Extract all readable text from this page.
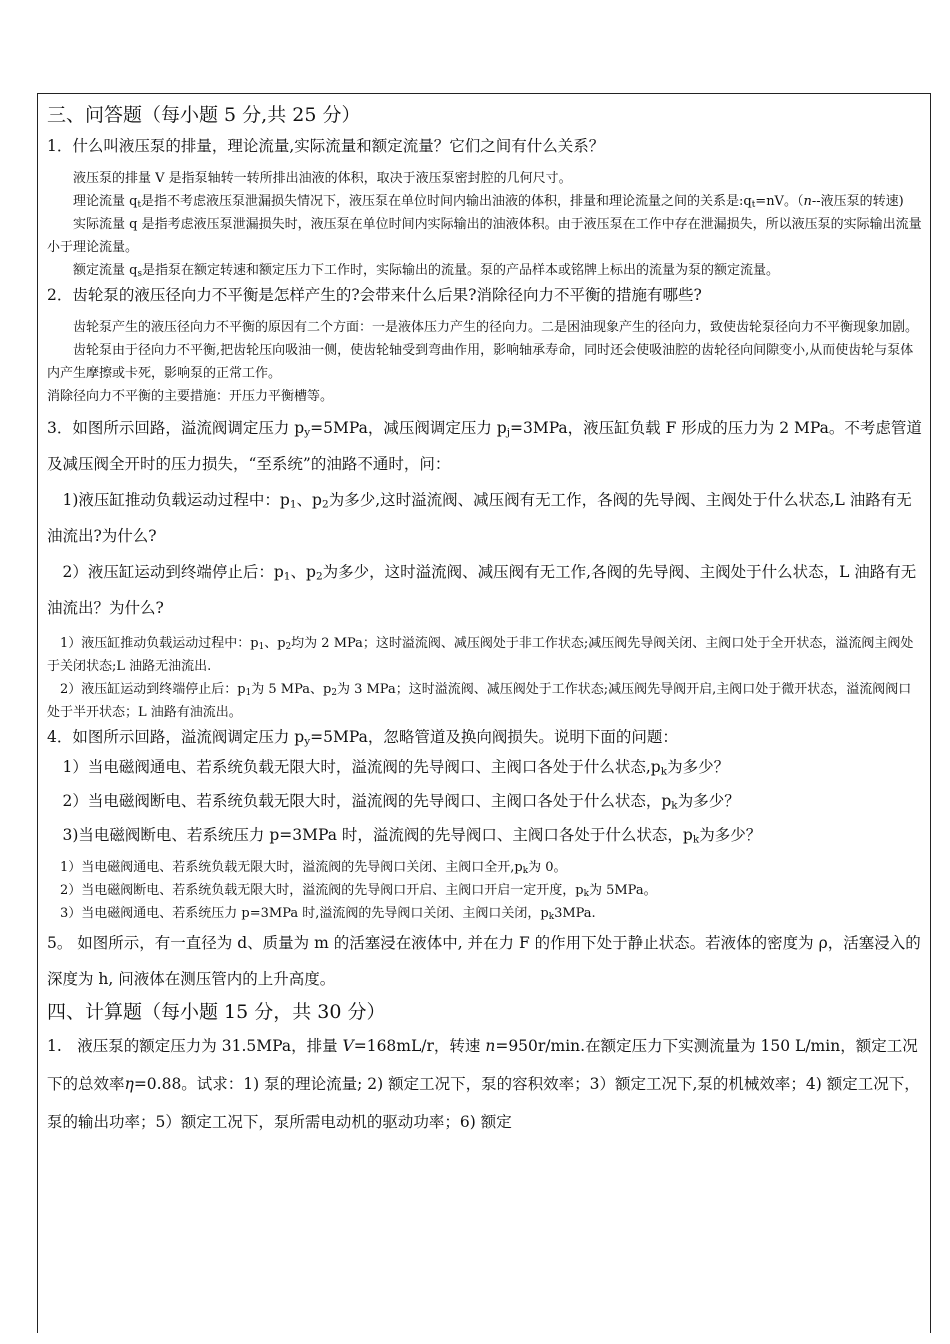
三、问答题（每小题 5 分,共 25 分）

1．什么叫液压泵的排量，理论流量,实际流量和额定流量？它们之间有什么关系？

液压泵的排量 V 是指泵轴转一转所排出油液的体积，取决于液压泵密封腔的几何尺寸。

理论流量 $q_t$是指不考虑液压泵泄漏损失情况下，液压泵在单位时间内输出油液的体积，排量和理论流量之间的关系是$:q_t=nV$。（n--液压泵的转速)

实际流量 q 是指考虑液压泵泄漏损失时，液压泵在单位时间内实际输出的油液体积。由于液压泵在工作中存在泄漏损失，所以液压泵的实际输出流量小于理论流量。

额定流量 $q_s$是指泵在额定转速和额定压力下工作时，实际输出的流量。泵的产品样本或铭牌上标出的流量为泵的额定流量。

2．齿轮泵的液压径向力不平衡是怎样产生的?会带来什么后果?消除径向力不平衡的措施有哪些?

齿轮泵产生的液压径向力不平衡的原因有二个方面：一是液体压力产生的径向力。二是困油现象产生的径向力，致使齿轮泵径向力不平衡现象加剧。

齿轮泵由于径向力不平衡,把齿轮压向吸油一侧，使齿轮轴受到弯曲作用，影响轴承寿命，同时还会使吸油腔的齿轮径向间隙变小,从而使齿轮与泵体内产生摩擦或卡死，影响泵的正常工作。

消除径向力不平衡的主要措施：开压力平衡槽等。

3．如图所示回路，溢流阀调定压力 $p_y=5MPa$，减压阀调定压力 $p_j=3MPa$，液压缸负载 F 形成的压力为 2 MPa。不考虑管道及减压阀全开时的压力损失，“至系统”的油路不通时，问：

1)液压缸推动负载运动过程中：$p_1$、$p_2$为多少,这时溢流阀、减压阀有无工作，各阀的先导阀、主阀处于什么状态,L 油路有无油流出?为什么?

2）液压缸运动到终端停止后：$p_1$、$p_2$为多少，这时溢流阀、减压阀有无工作,各阀的先导阀、主阀处于什么状态，L 油路有无油流出？为什么?

1）液压缸推动负载运动过程中：$p_1$、$p_2$均为 2 MPa；这时溢流阀、减压阀处于非工作状态;减压阀先导阀关闭、主阀口处于全开状态，溢流阀主阀处于关闭状态;L 油路无油流出.

2）液压缸运动到终端停止后：$p_1$为 5 MPa、$p_2$为 3 MPa；这时溢流阀、减压阀处于工作状态;减压阀先导阀开启,主阀口处于微开状态，溢流阀阀口处于半开状态；L 油路有油流出。

4．如图所示回路，溢流阀调定压力 $p_y=5MPa$，忽略管道及换向阀损失。说明下面的问题：

1）当电磁阀通电、若系统负载无限大时，溢流阀的先导阀口、主阀口各处于什么状态$,p_k$为多少？

2）当电磁阀断电、若系统负载无限大时，溢流阀的先导阀口、主阀口各处于什么状态，$p_k$为多少？

3)当电磁阀断电、若系统压力 p=3MPa 时，溢流阀的先导阀口、主阀口各处于什么状态，$p_k$为多少？

1）当电磁阀通电、若系统负载无限大时，溢流阀的先导阀口关闭、主阀口全开$,p_k$为 0。

2）当电磁阀断电、若系统负载无限大时，溢流阀的先导阀口开启、主阀口开启一定开度，$p_k$为 5MPa。

3）当电磁阀通电、若系统压力 p=3MPa 时,溢流阀的先导阀口关闭、主阀口关闭，$p_k3MPa$.

5。 如图所示，有一直径为 d、质量为 m 的活塞浸在液体中, 并在力 F 的作用下处于静止状态。若液体的密度为 ρ，活塞浸入的深度为 h, 问液体在测压管内的上升高度。

四、计算题（每小题 15 分，共 30 分）

1.　液压泵的额定压力为 31.5MPa，排量 V=168mL/r，转速 n=950r/min.在额定压力下实测流量为 150 L/min，额定工况下的总效率η=0.88。试求：1) 泵的理论流量; 2) 额定工况下，泵的容积效率；3）额定工况下,泵的机械效率；4) 额定工况下，泵的输出功率；5）额定工况下，泵所需电动机的驱动功率；6) 额定
